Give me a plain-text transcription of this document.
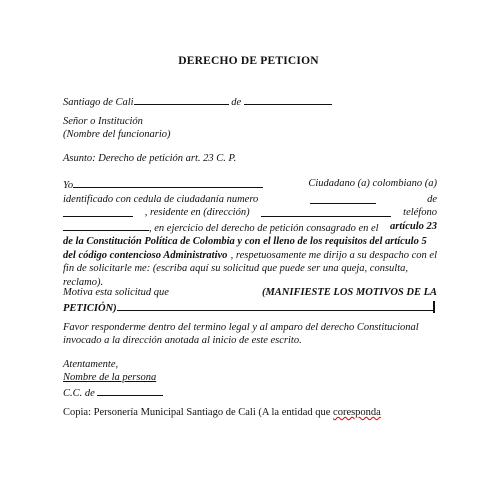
DERECHO DE PETICION
Santiago de Cali	de
Señor o Institución
(Nombre del funcionario)
Asunto: Derecho de petición art. 23 C. P.
Yo	Ciudadano (a) colombiano (a)
identificado con cedula de ciudadanía numero	de
, residente en (dirección)	teléfono
, en ejercicio del derecho de petición consagrado en el artículo 23
de la Constitución Política de Colombia y con el lleno de los requisitos del artículo 5
del código contencioso Administrativo , respetuosamente me dirijo a su despacho con el
fin de solicitarle me: (escriba aquí su solicitud que puede ser una queja, consulta,
reclamo).
Motiva esta solicitud que	(MANIFIESTE LOS MOTIVOS DE LA
PETICIÓN)
Favor responderme dentro del termino legal y al amparo del derecho Constitucional
invocado a la dirección anotada al inicio de este escrito.
Atentamente,
Nombre de la persona
C.C. de
Copia: Personería Municipal Santiago de Cali (A la entidad que coresponda
